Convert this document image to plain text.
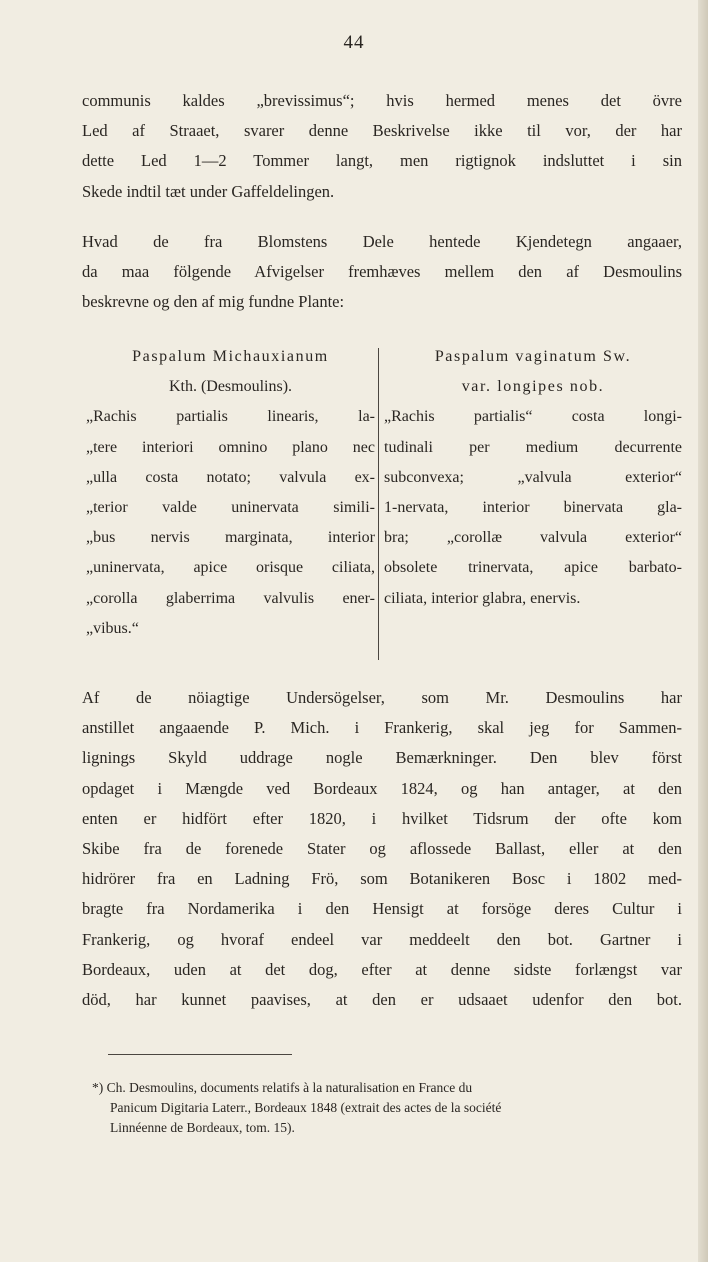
44

communis kaldes „brevissimus“; hvis hermed menes det övre
Led af Straaet, svarer denne Beskrivelse ikke til vor, der har
dette Led 1—2 Tommer langt, men rigtignok indsluttet i sin
Skede indtil tæt under Gaffeldelingen.

Hvad de fra Blomstens Dele hentede Kjendetegn angaaer,
da maa fölgende Afvigelser fremhæves mellem den af Desmoulins
beskrevne og den af mig fundne Plante:

Paspalum Michauxianum
Kth. (Desmoulins).
„Rachis partialis linearis, la-
„tere interiori omnino plano nec
„ulla costa notato; valvula ex-
„terior valde uninervata simili-
„bus nervis marginata, interior
„uninervata, apice orisque ciliata,
„corolla glaberrima valvulis ener-
„vibus.“
Paspalum vaginatum Sw.
var. longipes nob.
„Rachis partialis“ costa longi-
tudinali per medium decurrente
subconvexa; „valvula exterior“
1-nervata, interior binervata gla-
bra; „corollæ valvula exterior“
obsolete trinervata, apice barbato-
ciliata, interior glabra, enervis.

Af de nöiagtige Undersögelser, som Mr. Desmoulins har
anstillet angaaende P. Mich. i Frankerig, skal jeg for Sammen-
lignings Skyld uddrage nogle Bemærkninger. Den blev först
opdaget i Mængde ved Bordeaux 1824, og han antager, at den
enten er hidfört efter 1820, i hvilket Tidsrum der ofte kom
Skibe fra de forenede Stater og aflossede Ballast, eller at den
hidrörer fra en Ladning Frö, som Botanikeren Bosc i 1802 med-
bragte fra Nordamerika i den Hensigt at forsöge deres Cultur i
Frankerig, og hvoraf endeel var meddeelt den bot. Gartner i
Bordeaux, uden at det dog, efter at denne sidste forlængst var
död, har kunnet paavises, at den er udsaaet udenfor den bot.

*) Ch. Desmoulins, documents relatifs à la naturalisation en France du
Panicum Digitaria Laterr., Bordeaux 1848 (extrait des actes de la société
Linnéenne de Bordeaux, tom. 15).
